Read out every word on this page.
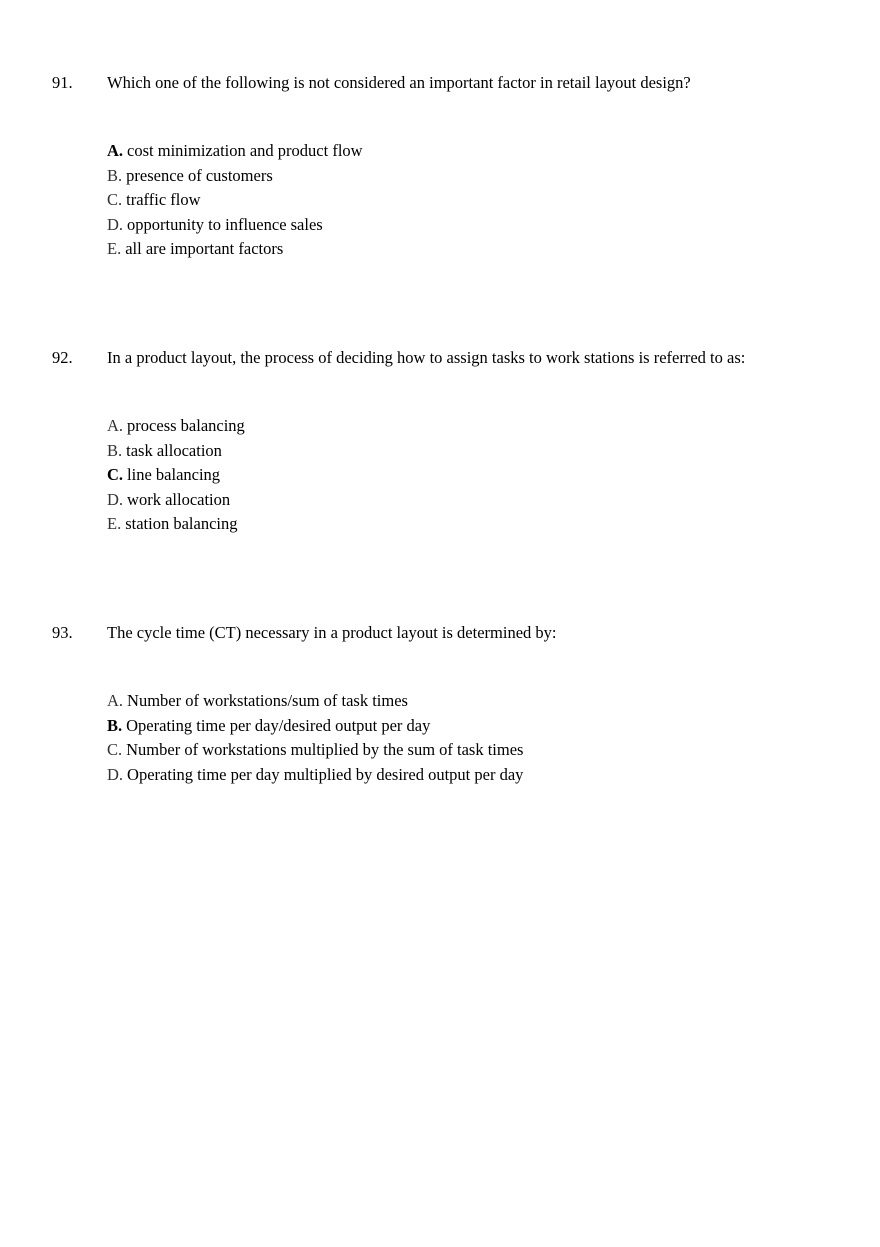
91. Which one of the following is not considered an important factor in retail layout design?
A. cost minimization and product flow
B. presence of customers
C. traffic flow
D. opportunity to influence sales
E. all are important factors
92. In a product layout, the process of deciding how to assign tasks to work stations is referred to as:
A. process balancing
B. task allocation
C. line balancing
D. work allocation
E. station balancing
93. The cycle time (CT) necessary in a product layout is determined by:
A. Number of workstations/sum of task times
B. Operating time per day/desired output per day
C. Number of workstations multiplied by the sum of task times
D. Operating time per day multiplied by desired output per day
